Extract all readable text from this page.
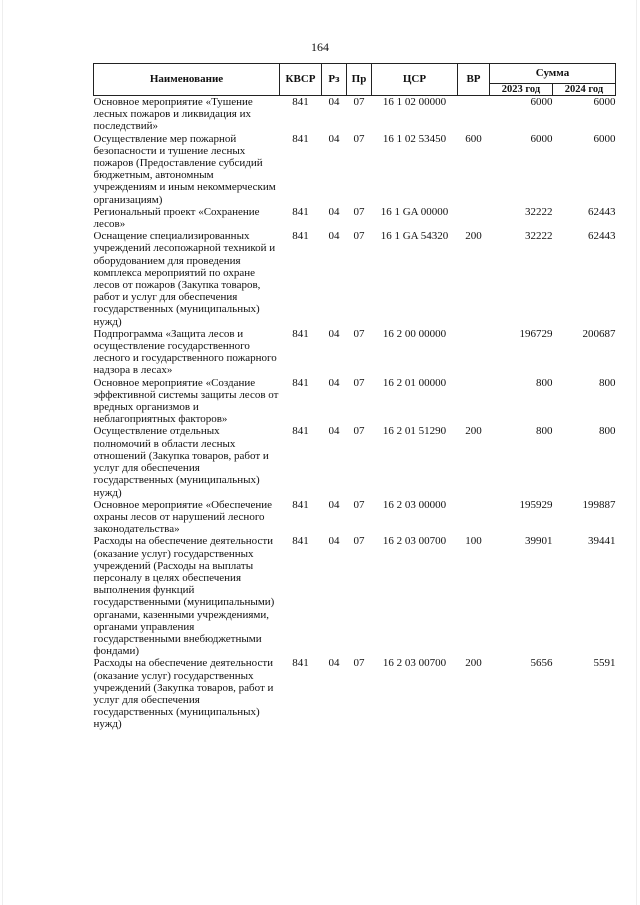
164
Наименование	КВСР	Рз	Пр	ЦСР	ВР	Сумма	
						2023 год	2024 год
Основное мероприятие «Тушение лесных пожаров и ликвидация их последствий»	841	04	07	16 1 02 00000		6000	6000
Осуществление мер пожарной безопасности и тушение лесных пожаров (Предоставление субсидий бюджетным, автономным учреждениям и иным некоммерческим организациям)	841	04	07	16 1 02 53450	600	6000	6000
Региональный проект «Сохранение лесов»	841	04	07	16 1 GA 00000		32222	62443
Оснащение специализированных учреждений лесопожарной техникой и оборудованием для проведения комплекса мероприятий по охране лесов от пожаров (Закупка товаров, работ и услуг для обеспечения государственных (муниципальных) нужд)	841	04	07	16 1 GA 54320	200	32222	62443
Подпрограмма «Защита лесов и осуществление государственного лесного и государственного пожарного надзора в лесах»	841	04	07	16 2 00 00000		196729	200687
Основное мероприятие «Создание эффективной системы защиты лесов от вредных организмов и неблагоприятных факторов»	841	04	07	16 2 01 00000		800	800
Осуществление отдельных полномочий в области лесных отношений (Закупка товаров, работ и услуг для обеспечения государственных (муниципальных) нужд)	841	04	07	16 2 01 51290	200	800	800
Основное мероприятие «Обеспечение охраны лесов от нарушений лесного законодательства»	841	04	07	16 2 03 00000		195929	199887
Расходы на обеспечение деятельности (оказание услуг) государственных учреждений (Расходы на выплаты персоналу в целях обеспечения выполнения функций государственными (муниципальными) органами, казенными учреждениями, органами управления государственными внебюджетными фондами)	841	04	07	16 2 03 00700	100	39901	39441
Расходы на обеспечение деятельности (оказание услуг) государственных учреждений (Закупка товаров, работ и услуг для обеспечения государственных (муниципальных) нужд)	841	04	07	16 2 03 00700	200	5656	5591
